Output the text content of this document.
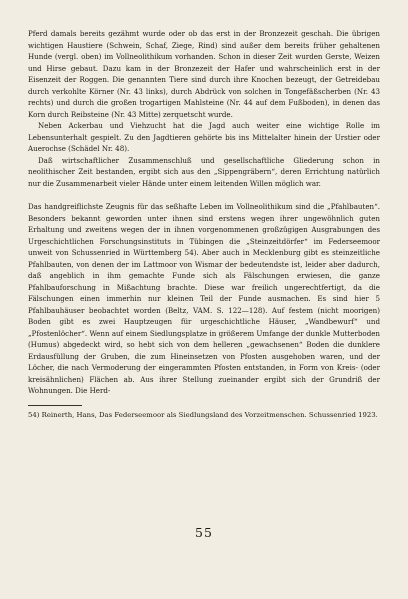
Pferd damals bereits gezähmt wurde oder ob das erst in der Bronzezeit geschah. Die übrigen wichtigen Haustiere (Schwein, Schaf, Ziege, Rind) sind außer dem bereits früher gehaltenen Hunde (vergl. oben) im Vollneolithikum vorhanden. Schon in dieser Zeit wurden Gerste, Weizen und Hirse gebaut. Dazu kam in der Bronzezeit der Hafer und wahrscheinlich erst in der Eisenzeit der Roggen. Die genannten Tiere sind durch ihre Knochen bezeugt, der Getreidebau durch verkohlte Körner (Nr. 43 links), durch Abdrück von solchen in Tongefäßscherben (Nr. 43 rechts) und durch die großen trogartigen Mahlsteine (Nr. 44 auf dem Fußboden), in denen das Korn durch Reibsteine (Nr. 43 Mitte) zerquetscht wurde.

Neben Ackerbau und Viehzucht hat die Jagd auch weiter eine wichtige Rolle im Lebensunterhalt gespielt. Zu den Jagdtieren gehörte bis ins Mittelalter hinein der Urstier oder Auerochse (Schädel Nr. 48).

Daß wirtschaftlicher Zusammenschluß und gesellschaftliche Gliederung schon in neolithischer Zeit bestanden, ergibt sich aus den „Sippengräbern“, deren Errichtung natürlich nur die Zusammenarbeit vieler Hände unter einem leitenden Willen möglich war.

Das handgreiflichste Zeugnis für das seßhafte Leben im Vollneolithikum sind die „Pfahlbauten“. Besonders bekannt geworden unter ihnen sind erstens wegen ihrer ungewöhnlich guten Erhaltung und zweitens wegen der in ihnen vorgenommenen großzügigen Ausgrabungen des Urgeschichtlichen Forschungsinstituts in Tübingen die „Steinzeitdörfer“ im Federseemoor unweit von Schussenried in Württemberg 54). Aber auch in Mecklenburg gibt es steinzeitliche Pfahlbauten, von denen der im Lattmoor von Wismar der bedeutendste ist, leider aber dadurch, daß angeblich in ihm gemachte Funde sich als Fälschungen erwiesen, die ganze Pfahlbauforschung in Mißachtung brachte. Diese war freilich ungerechtfertigt, da die Fälschungen einen immerhin nur kleinen Teil der Funde ausmachen. Es sind hier 5 Pfahlbauhäuser beobachtet worden (Beltz, VAM. S. 122—128). Auf festem (nicht moorigen) Boden gibt es zwei Hauptzeugen für urgeschichtliche Häuser, „Wandbewurf“ und „Pfostenlöcher“. Wenn auf einem Siedlungsplatze in größerem Umfange der dunkle Mutterboden (Humus) abgedeckt wird, so hebt sich von dem helleren „gewachsenen“ Boden die dunklere Erdausfüllung der Gruben, die zum Hineinsetzen von Pfosten ausgehoben waren, und der Löcher, die nach Vermoderung der eingerammten Pfosten entstanden, in Form von Kreis- (oder kreisähnlichen) Flächen ab. Aus ihrer Stellung zueinander ergibt sich der Grundriß der Wohnungen. Die Herd-

54) Reinerth, Hans, Das Federseemoor als Siedlungsland des Vorzeitmenschen. Schussenried 1923.

55
